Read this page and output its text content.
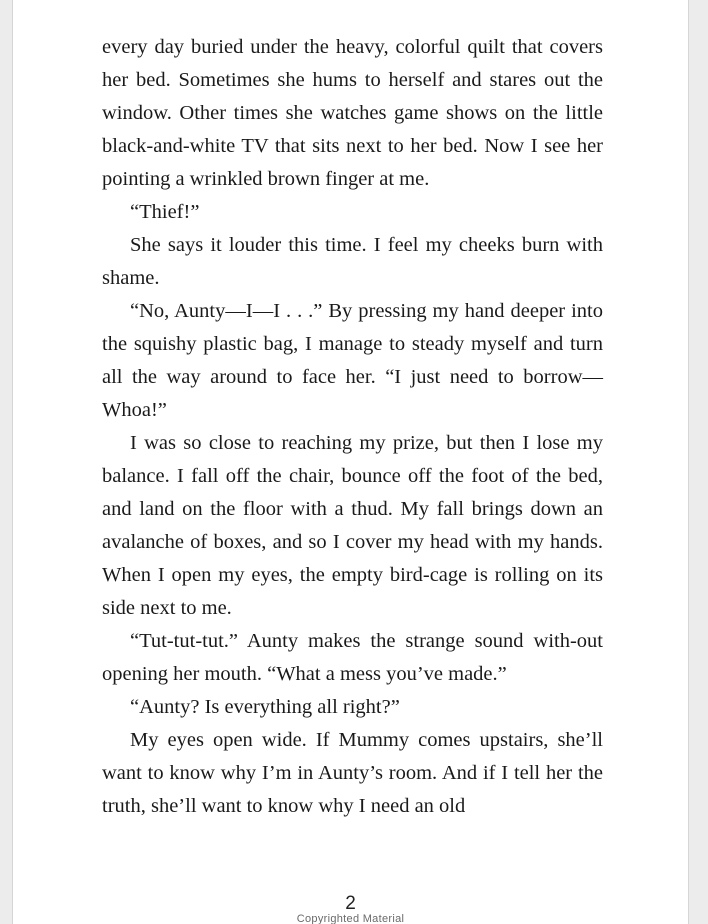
every day buried under the heavy, colorful quilt that covers her bed. Sometimes she hums to herself and stares out the window. Other times she watches game shows on the little black-and-white TV that sits next to her bed. Now I see her pointing a wrinkled brown finger at me.

“Thief!”

She says it louder this time. I feel my cheeks burn with shame.

“No, Aunty—I—I . . .” By pressing my hand deeper into the squishy plastic bag, I manage to steady myself and turn all the way around to face her. “I just need to borrow— Whoa!”

I was so close to reaching my prize, but then I lose my balance. I fall off the chair, bounce off the foot of the bed, and land on the floor with a thud. My fall brings down an avalanche of boxes, and so I cover my head with my hands. When I open my eyes, the empty bird-cage is rolling on its side next to me.

“Tut-tut-tut.” Aunty makes the strange sound with-out opening her mouth. “What a mess you’ve made.”

“Aunty? Is everything all right?”

My eyes open wide. If Mummy comes upstairs, she’ll want to know why I’m in Aunty’s room. And if I tell her the truth, she’ll want to know why I need an old

2
Copyrighted Material
